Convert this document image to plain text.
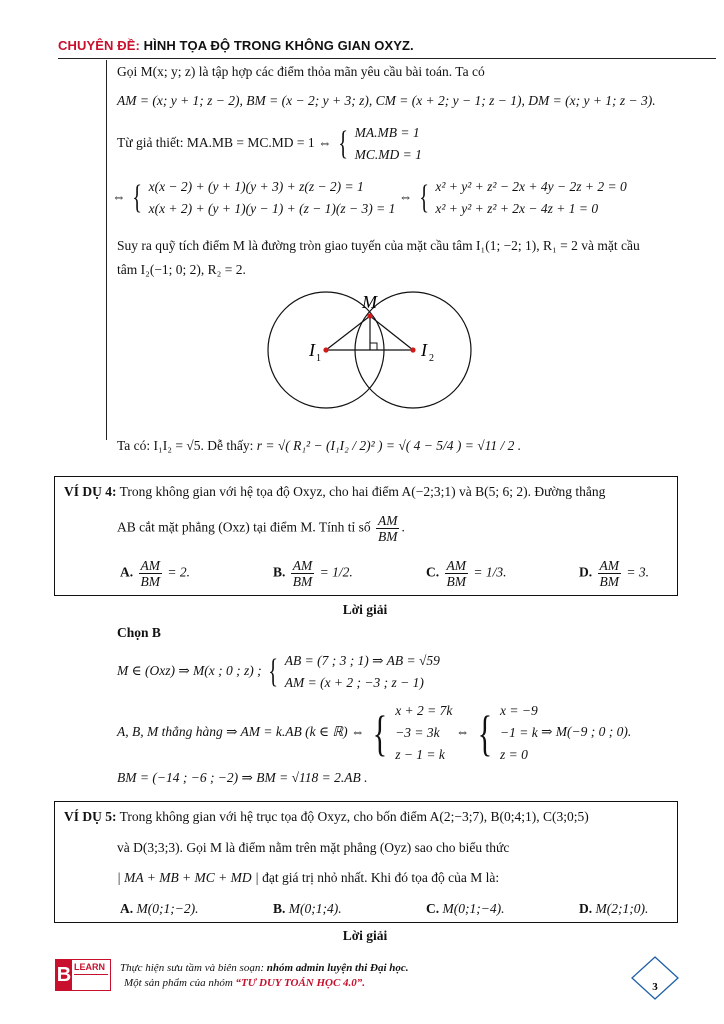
CHUYÊN ĐỀ: HÌNH TỌA ĐỘ TRONG KHÔNG GIAN OXYZ.
Gọi M(x; y; z) là tập hợp các điểm thỏa mãn yêu cầu bài toán. Ta có
AM = (x; y + 1; z − 2), BM = (x − 2; y + 3; z), CM = (x + 2; y − 1; z − 1), DM = (x; y + 1; z − 3).
Từ giả thiết: MA.MB = MC.MD = 1 ⇔ { MA.MB = 1
MC.MD = 1
⇔ { x(x − 2) + (y + 1)(y + 3) + z(z − 2) = 1
x(x + 2) + (y + 1)(y − 1) + (z − 1)(z − 3) = 1 ⇔ { x² + y² + z² − 2x + 4y − 2z + 2 = 0
x² + y² + z² + 2x − 4z + 1 = 0
Suy ra quỹ tích điểm M là đường tròn giao tuyến của mặt cầu tâm I₁(1; −2; 1), R₁ = 2 và mặt cầu
tâm I₂(−1; 0; 2), R₂ = 2.
M
I 1	I 2
Ta có: I₁I₂ = √5. Dễ thấy: r = √( R₁² − (I₁I₂ / 2)² ) = √( 4 − 5/4 ) = √11 / 2 .
VÍ DỤ 4: Trong không gian với hệ tọa độ Oxyz, cho hai điểm A(−2;3;1) và B(5; 6; 2). Đường thẳng
AB cắt mặt phẳng (Oxz) tại điểm M. Tính tỉ số $\frac{AM}{BM}$ .
A. $\frac{AM}{BM} = 2$.	B. $\frac{AM}{BM} = 1/2$.	C. $\frac{AM}{BM} = 1/3$.	D. $\frac{AM}{BM} = 3$.
Lời giải
Chọn B
M ∈ (Oxz) ⇒ M(x ; 0 ; z) ; { AB = (7 ; 3 ; 1) ⇒ AB = √59
AM = (x + 2 ; −3 ; z − 1)
A, B, M thẳng hàng ⇒ AM = k.AB (k ∈ ℝ) ⇔ { x + 2 = 7k
−3 = 3k
z − 1 = k ⇔ { x = −9
−1 = k
z = 0 ⇒ M(−9 ; 0 ; 0).
BM = (−14 ; −6 ; −2) ⇒ BM = √118 = 2.AB .
VÍ DỤ 5: Trong không gian với hệ trục tọa độ Oxyz, cho bốn điểm A(2;−3;7), B(0;4;1), C(3;0;5)
và D(3;3;3). Gọi M là điểm nằm trên mặt phẳng (Oyz) sao cho biểu thức
| MA + MB + MC + MD | đạt giá trị nhỏ nhất. Khi đó tọa độ của M là:
A. M(0;1;−2).	B. M(0;1;4).	C. M(0;1;−4).	D. M(2;1;0).
Lời giải
B LEARN Thực hiện sưu tầm và biên soạn: nhóm admin luyện thi Đại học.
Một sản phẩm của nhóm “TƯ DUY TOÁN HỌC 4.0”.	3
